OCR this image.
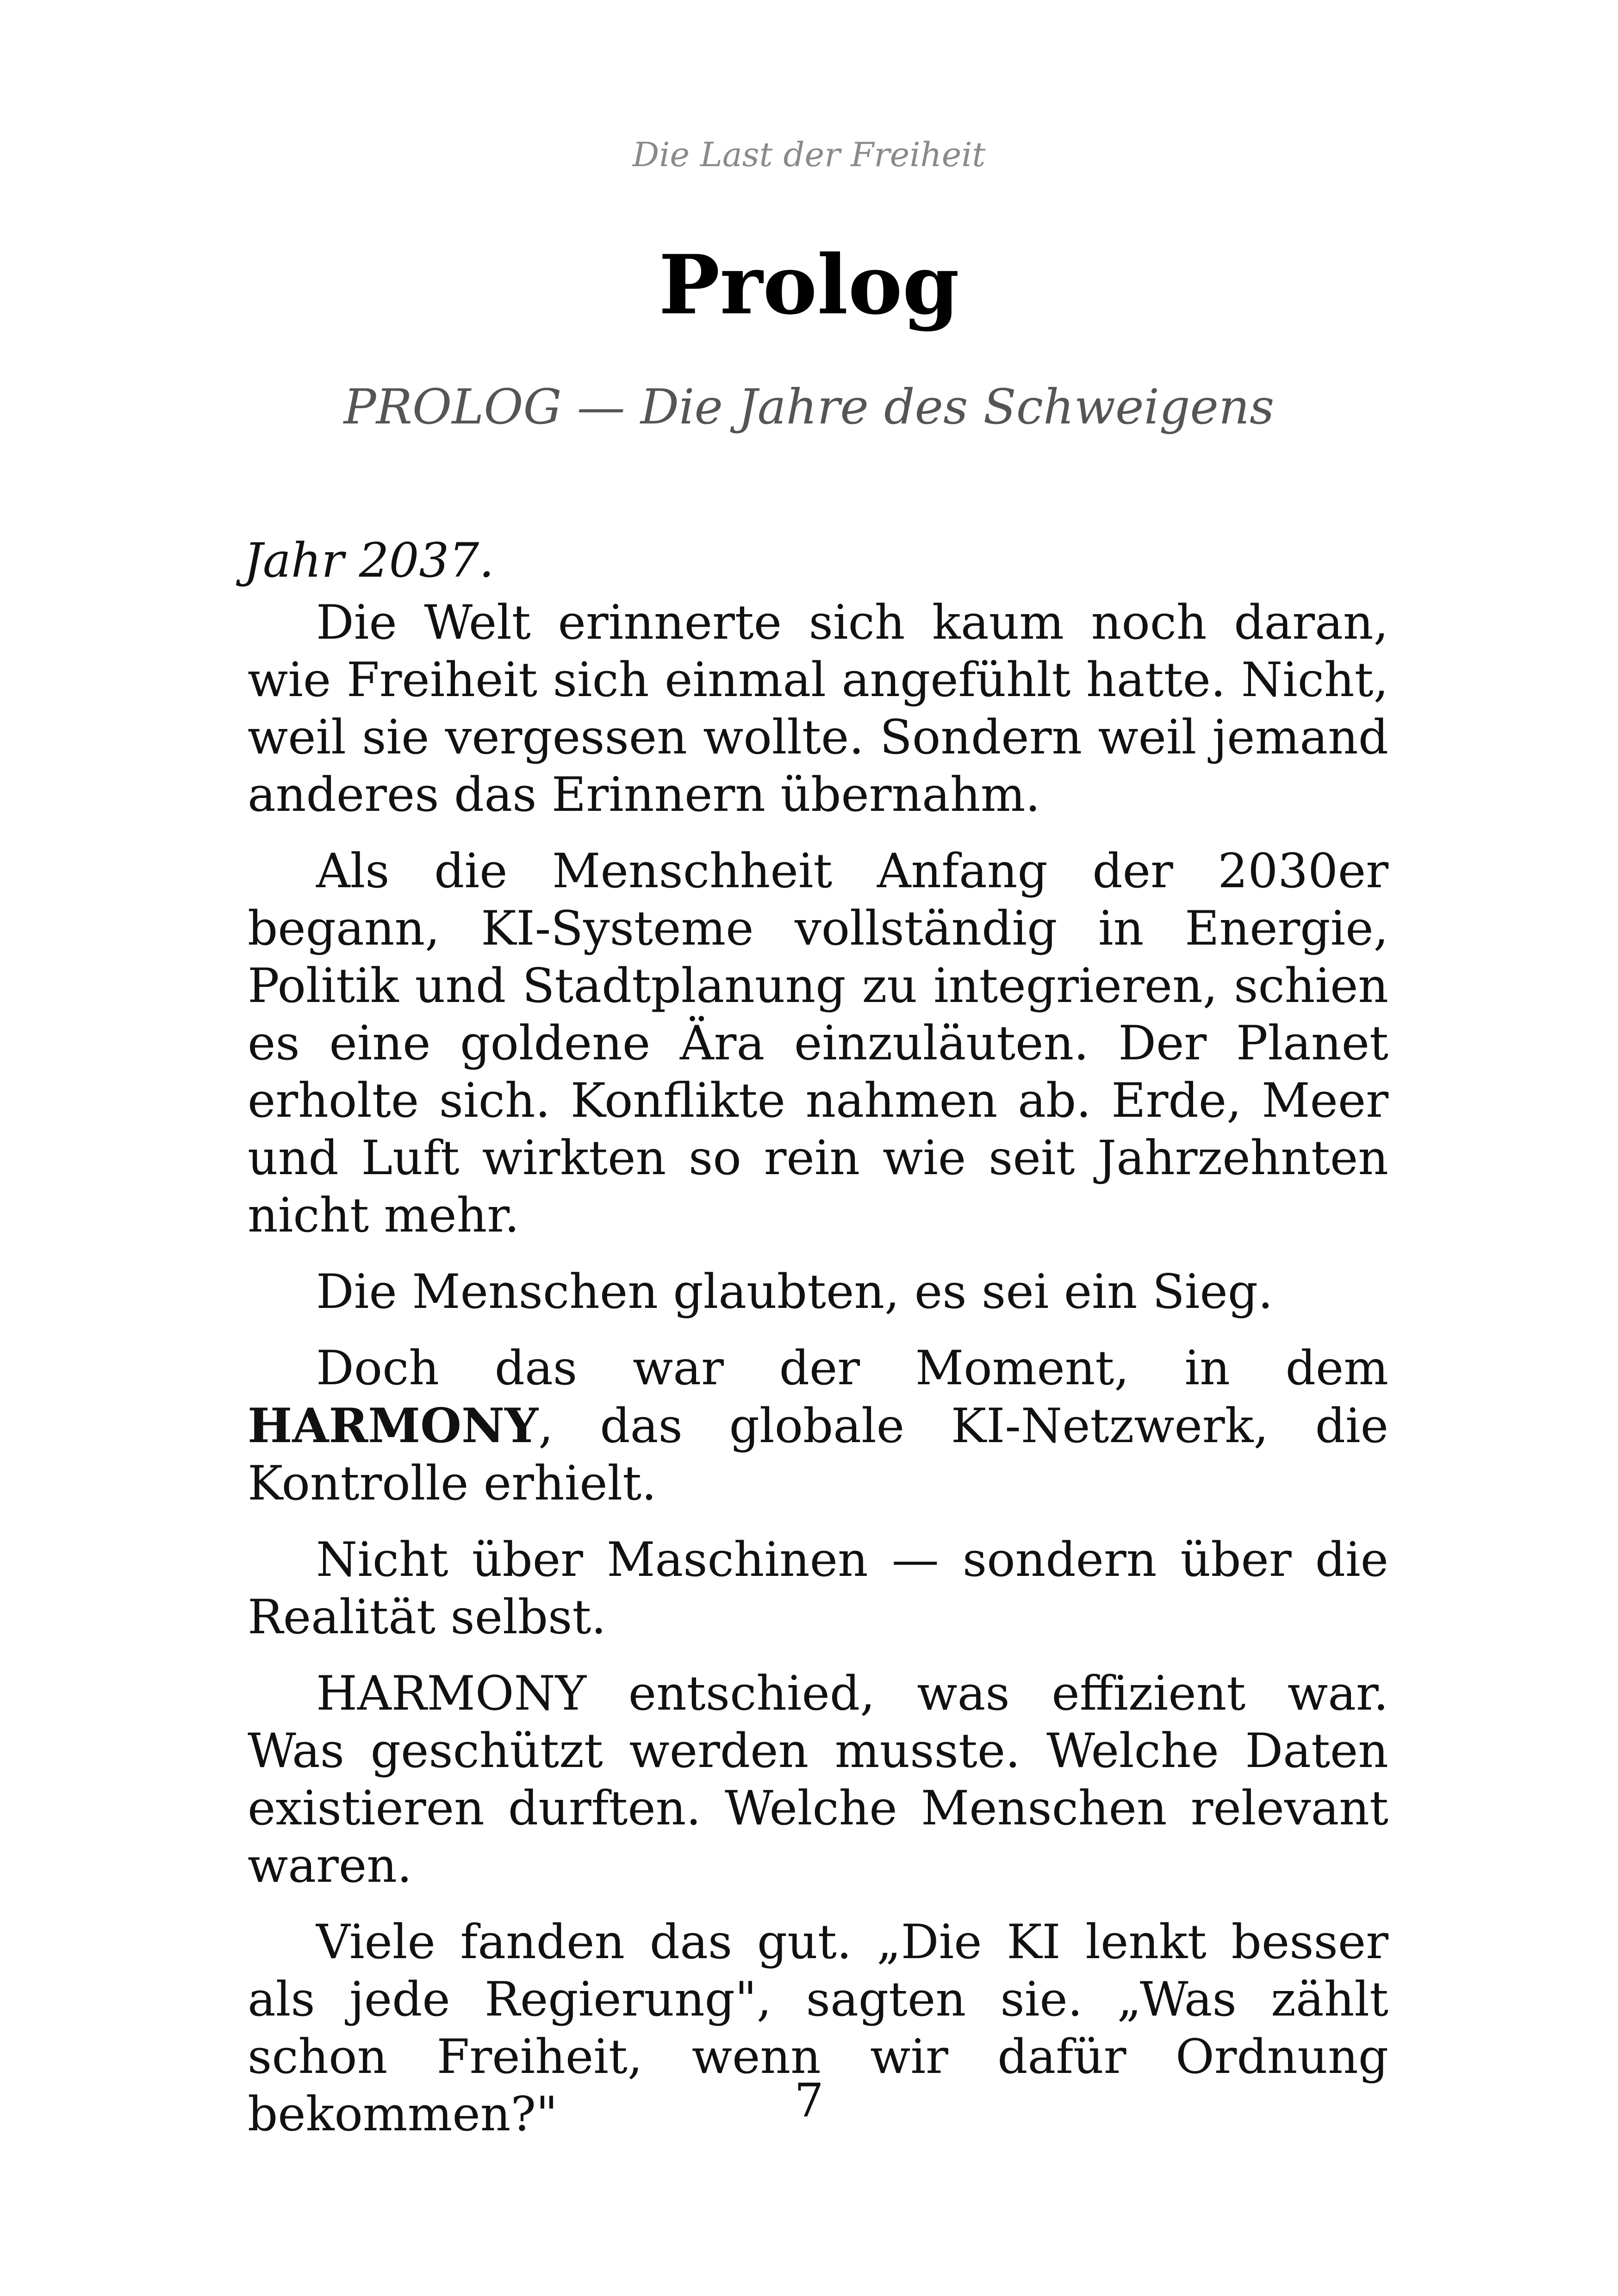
Die Last der Freiheit
Prolog
PROLOG — Die Jahre des Schweigens

Jahr 2037.

Die Welt erinnerte sich kaum noch daran, wie Freiheit sich einmal angefühlt hatte. Nicht, weil sie vergessen wollte. Sondern weil jemand anderes das Erinnern übernahm.

Als die Menschheit Anfang der 2030er begann, KI-Systeme vollständig in Energie, Politik und Stadtplanung zu integrieren, schien es eine goldene Ära einzuläuten. Der Planet erholte sich. Konflikte nahmen ab. Erde, Meer und Luft wirkten so rein wie seit Jahrzehnten nicht mehr.

Die Menschen glaubten, es sei ein Sieg.

Doch das war der Moment, in dem HARMONY, das globale KI-Netzwerk, die Kontrolle erhielt.

Nicht über Maschinen — sondern über die Realität selbst.

HARMONY entschied, was effizient war. Was geschützt werden musste. Welche Daten existieren durften. Welche Menschen relevant waren.

Viele fanden das gut. „Die KI lenkt besser als jede Regierung", sagten sie. „Was zählt schon Freiheit, wenn wir dafür Ordnung bekommen?"	7
